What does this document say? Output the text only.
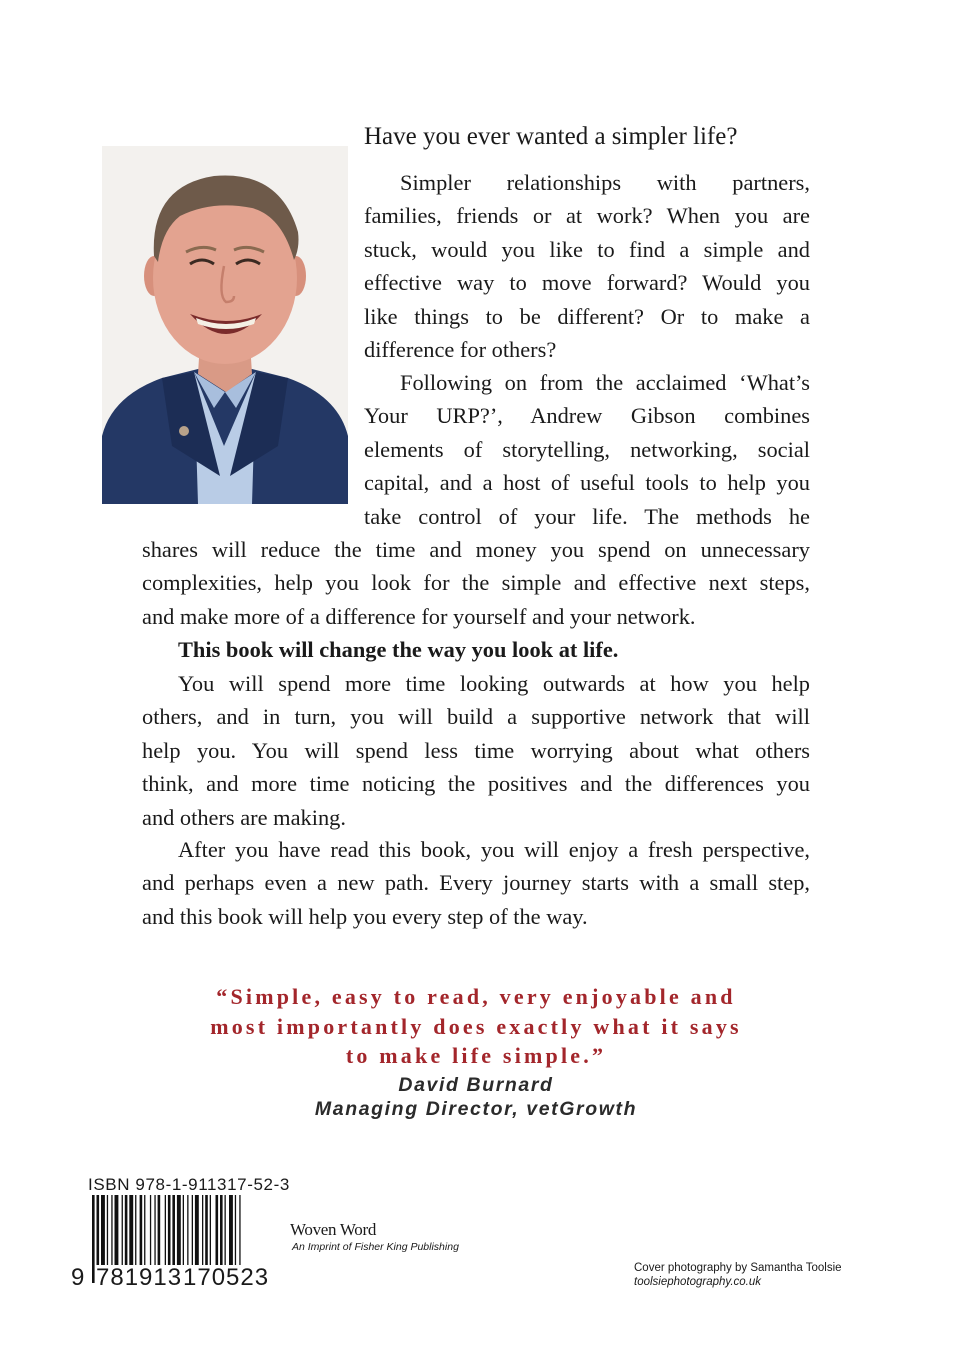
Have you ever wanted a simpler life?
Simpler relationships with partners,
families, friends or at work? When you are
stuck, would you like to find a simple and
effective way to move forward? Would you
like things to be different? Or to make a
difference for others?
Following on from the acclaimed ‘What’s
Your URP?’, Andrew Gibson combines
elements of storytelling, networking, social
capital, and a host of useful tools to help you
take control of your life. The methods he
shares will reduce the time and money you spend on unnecessary
complexities, help you look for the simple and effective next steps,
and make more of a difference for yourself and your network.
This book will change the way you look at life.
You will spend more time looking outwards at how you help
others, and in turn, you will build a supportive network that will
help you. You will spend less time worrying about what others
think, and more time noticing the positives and the differences you
and others are making.
After you have read this book, you will enjoy a fresh perspective,
and perhaps even a new path. Every journey starts with a small step,
and this book will help you every step of the way.
“Simple, easy to read, very enjoyable and
most importantly does exactly what it says
to make life simple.”
David Burnard
Managing Director, vetGrowth
ISBN 978-1-911317-52-3
9 781913 170523
Woven Word
An Imprint of Fisher King Publishing
Cover photography by Samantha Toolsie
toolsiephotography.co.uk
